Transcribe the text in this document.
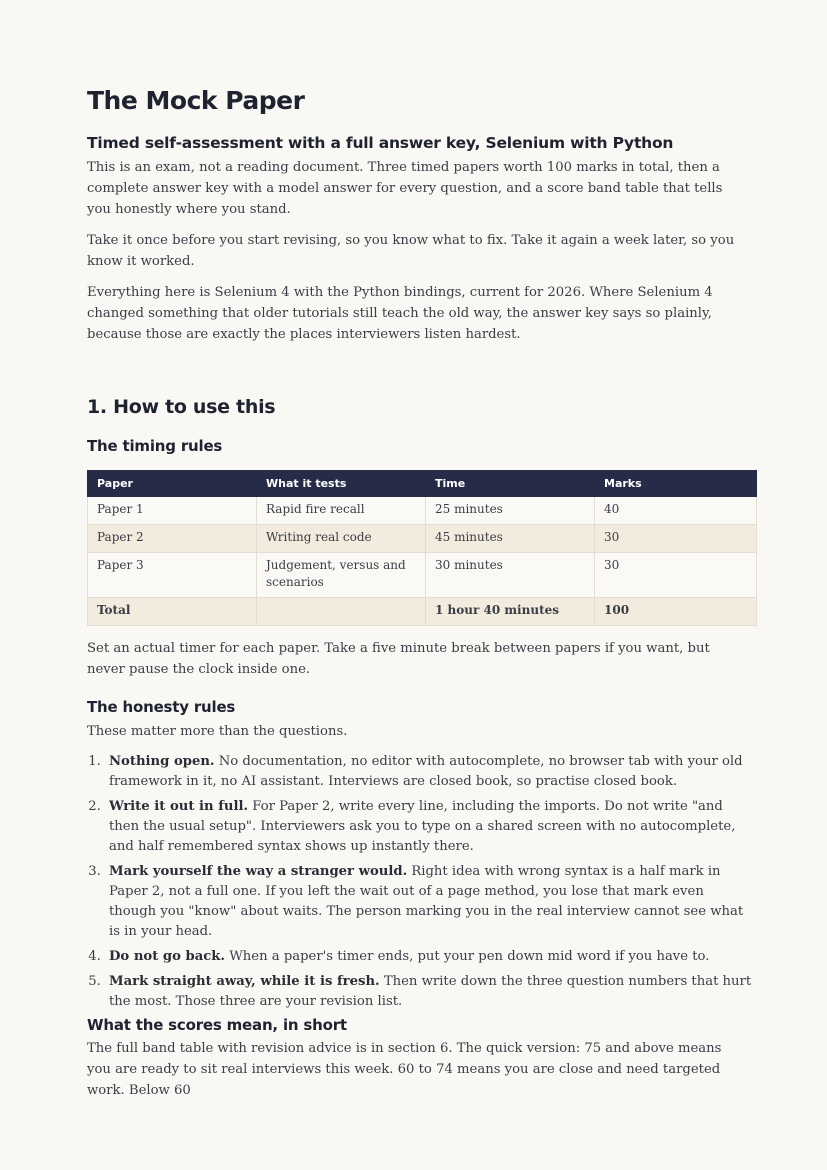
The Mock Paper
Timed self-assessment with a full answer key, Selenium with Python

This is an exam, not a reading document. Three timed papers worth 100 marks in total, then a complete answer key with a model answer for every question, and a score band table that tells you honestly where you stand.

Take it once before you start revising, so you know what to fix. Take it again a week later, so you know it worked.

Everything here is Selenium 4 with the Python bindings, current for 2026. Where Selenium 4 changed something that older tutorials still teach the old way, the answer key says so plainly, because those are exactly the places interviewers listen hardest.

1. How to use this
The timing rules
Paper	What it tests	Time	Marks
Paper 1	Rapid fire recall	25 minutes	40
Paper 2	Writing real code	45 minutes	30
Paper 3	Judgement, versus and scenarios	30 minutes	30
Total		1 hour 40 minutes	100

Set an actual timer for each paper. Take a five minute break between papers if you want, but never pause the clock inside one.

The honesty rules

These matter more than the questions.

1. Nothing open. No documentation, no editor with autocomplete, no browser tab with your old framework in it, no AI assistant. Interviews are closed book, so practise closed book.
2. Write it out in full. For Paper 2, write every line, including the imports. Do not write "and then the usual setup". Interviewers ask you to type on a shared screen with no autocomplete, and half remembered syntax shows up instantly there.
3. Mark yourself the way a stranger would. Right idea with wrong syntax is a half mark in Paper 2, not a full one. If you left the wait out of a page method, you lose that mark even though you "know" about waits. The person marking you in the real interview cannot see what is in your head.
4. Do not go back. When a paper's timer ends, put your pen down mid word if you have to.
5. Mark straight away, while it is fresh. Then write down the three question numbers that hurt the most. Those three are your revision list.
What the scores mean, in short

The full band table with revision advice is in section 6. The quick version: 75 and above means you are ready to sit real interviews this week. 60 to 74 means you are close and need targeted work. Below 60
